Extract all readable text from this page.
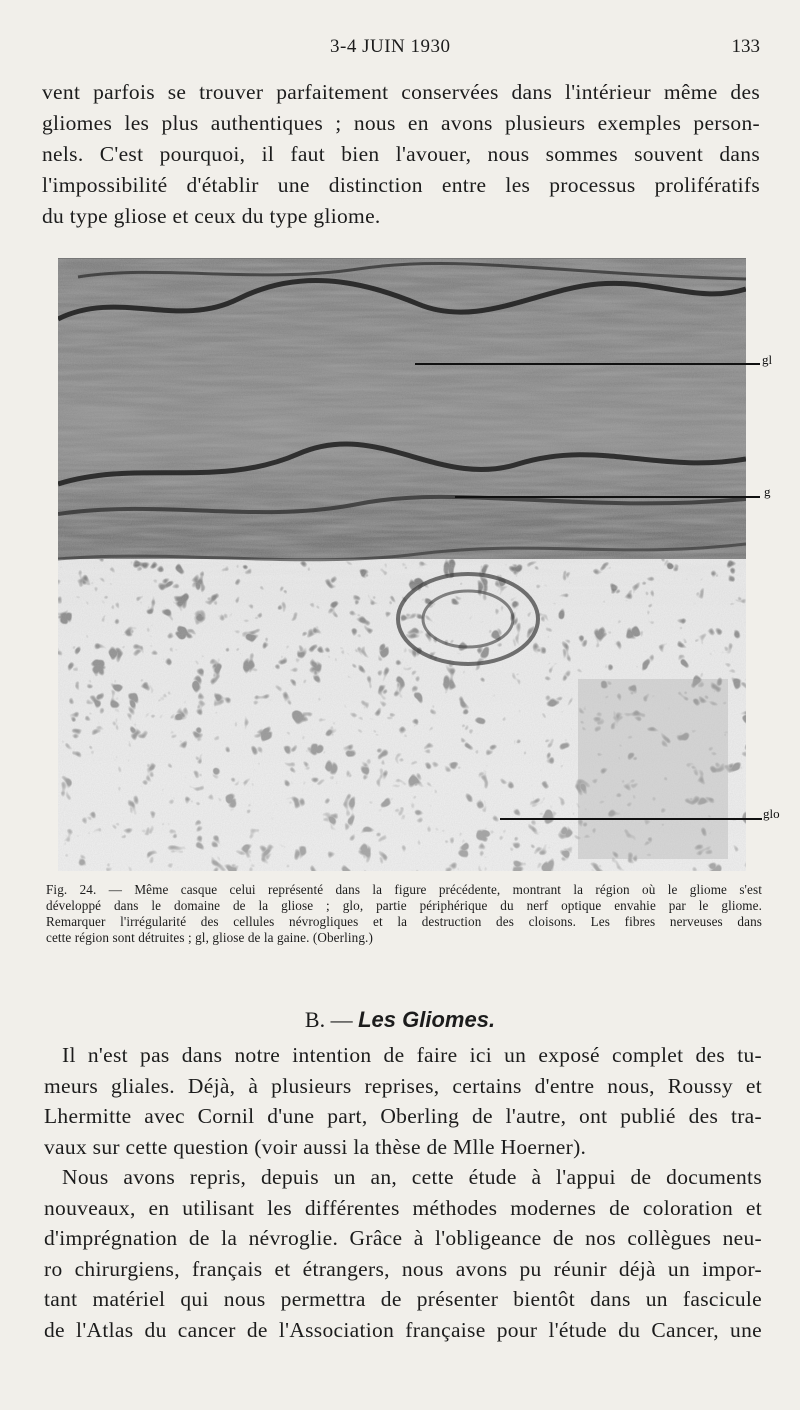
3-4 JUIN 1930	133
vent parfois se trouver parfaitement conservées dans l'intérieur même des
gliomes les plus authentiques ; nous en avons plusieurs exemples person-
nels. C'est pourquoi, il faut bien l'avouer, nous sommes souvent dans
l'impossibilité d'établir une distinction entre les processus prolifératifs
du type gliose et ceux du type gliome.
gl
g
glo
Fig. 24. — Même casque celui représenté dans la figure précédente, montrant la région où le gliome s'est
développé dans le domaine de la gliose ; glo, partie périphérique du nerf optique envahie par le gliome.
Remarquer l'irrégularité des cellules névrogliques et la destruction des cloisons. Les fibres nerveuses dans
cette région sont détruites ; gl, gliose de la gaine. (Oberling.)
B. — Les Gliomes.
Il n'est pas dans notre intention de faire ici un exposé complet des tu-
meurs gliales. Déjà, à plusieurs reprises, certains d'entre nous, Roussy et
Lhermitte avec Cornil d'une part, Oberling de l'autre, ont publié des tra-
vaux sur cette question (voir aussi la thèse de Mlle Hoerner).
Nous avons repris, depuis un an, cette étude à l'appui de documents
nouveaux, en utilisant les différentes méthodes modernes de coloration et
d'imprégnation de la névroglie. Grâce à l'obligeance de nos collègues neu-
ro chirurgiens, français et étrangers, nous avons pu réunir déjà un impor-
tant matériel qui nous permettra de présenter bientôt dans un fascicule
de l'Atlas du cancer de l'Association française pour l'étude du Cancer, une
